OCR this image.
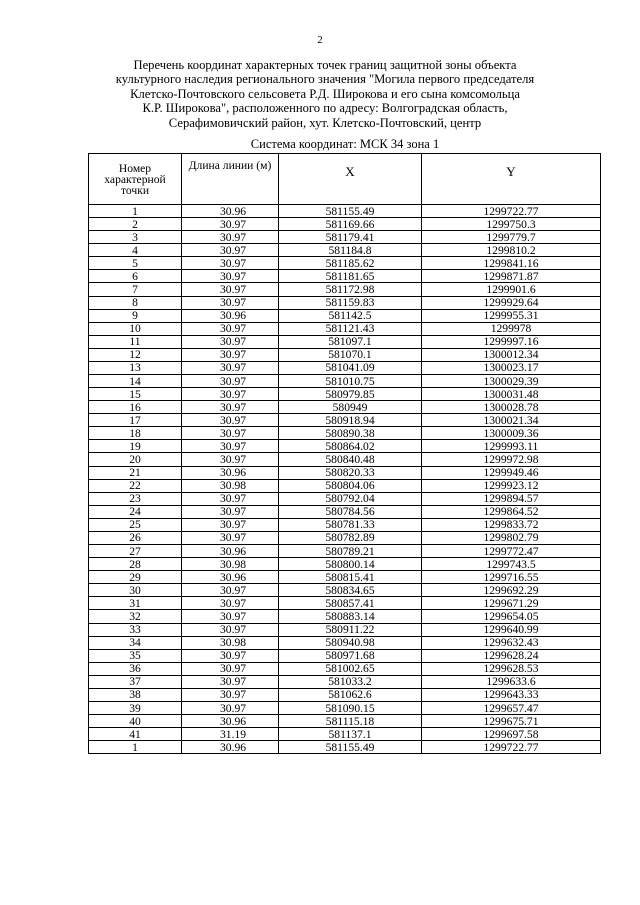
2
Перечень координат характерных точек границ защитной зоны объекта
культурного наследия регионального значения "Могила первого председателя
Клетско-Почтовского сельсовета Р.Д. Широкова и его сына комсомольца
К.Р. Широкова", расположенного по адресу: Волгоградская область,
Серафимовичский район, хут. Клетско-Почтовский, центр
Система координат: МСК 34 зона 1
Номер характерной точки	Длина линии (м)	X	Y
1	30.96	581155.49	1299722.77
2	30.97	581169.66	1299750.3
3	30.97	581179.41	1299779.7
4	30.97	581184.8	1299810.2
5	30.97	581185.62	1299841.16
6	30.97	581181.65	1299871.87
7	30.97	581172.98	1299901.6
8	30.97	581159.83	1299929.64
9	30.96	581142.5	1299955.31
10	30.97	581121.43	1299978
11	30.97	581097.1	1299997.16
12	30.97	581070.1	1300012.34
13	30.97	581041.09	1300023.17
14	30.97	581010.75	1300029.39
15	30.97	580979.85	1300031.48
16	30.97	580949	1300028.78
17	30.97	580918.94	1300021.34
18	30.97	580890.38	1300009.36
19	30.97	580864.02	1299993.11
20	30.97	580840.48	1299972.98
21	30.96	580820.33	1299949.46
22	30.98	580804.06	1299923.12
23	30.97	580792.04	1299894.57
24	30.97	580784.56	1299864.52
25	30.97	580781.33	1299833.72
26	30.97	580782.89	1299802.79
27	30.96	580789.21	1299772.47
28	30.98	580800.14	1299743.5
29	30.96	580815.41	1299716.55
30	30.97	580834.65	1299692.29
31	30.97	580857.41	1299671.29
32	30.97	580883.14	1299654.05
33	30.97	580911.22	1299640.99
34	30.98	580940.98	1299632.43
35	30.97	580971.68	1299628.24
36	30.97	581002.65	1299628.53
37	30.97	581033.2	1299633.6
38	30.97	581062.6	1299643.33
39	30.97	581090.15	1299657.47
40	30.96	581115.18	1299675.71
41	31.19	581137.1	1299697.58
1	30.96	581155.49	1299722.77
